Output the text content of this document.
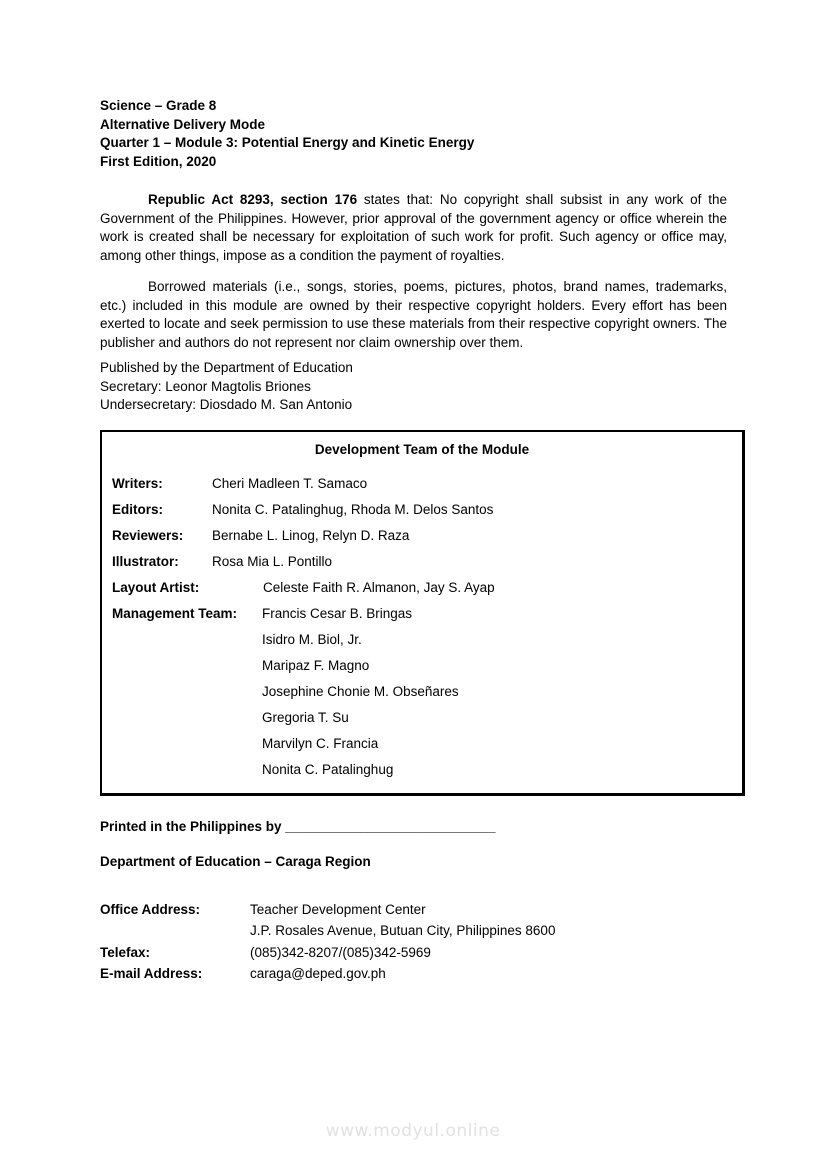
Science – Grade 8
Alternative Delivery Mode
Quarter 1 – Module 3: Potential Energy and Kinetic Energy
First Edition, 2020

Republic Act 8293, section 176 states that: No copyright shall subsist in any work of the Government of the Philippines. However, prior approval of the government agency or office wherein the work is created shall be necessary for exploitation of such work for profit. Such agency or office may, among other things, impose as a condition the payment of royalties.

Borrowed materials (i.e., songs, stories, poems, pictures, photos, brand names, trademarks, etc.) included in this module are owned by their respective copyright holders. Every effort has been exerted to locate and seek permission to use these materials from their respective copyright owners. The publisher and authors do not represent nor claim ownership over them.

Published by the Department of Education
Secretary: Leonor Magtolis Briones
Undersecretary: Diosdado M. San Antonio
Development Team of the Module
Writers:	Cheri Madleen T. Samaco
Editors:	Nonita C. Patalinghug, Rhoda M. Delos Santos
Reviewers: Bernabe L. Linog, Relyn D. Raza
Illustrator: Rosa Mia L. Pontillo
Layout Artist:	Celeste Faith R. Almanon, Jay S. Ayap
Management Team: Francis Cesar B. Bringas
Isidro M. Biol, Jr.
Maripaz F. Magno
Josephine Chonie M. Obseñares
Gregoria T. Su
Marvilyn C. Francia
Nonita C. Patalinghug
Printed in the Philippines by ____________________________
Department of Education – Caraga Region
Office Address:	Teacher Development Center
J.P. Rosales Avenue, Butuan City, Philippines 8600
Telefax:	(085)342-8207/(085)342-5969
E-mail Address:	caraga@deped.gov.ph
www.modyul.online
